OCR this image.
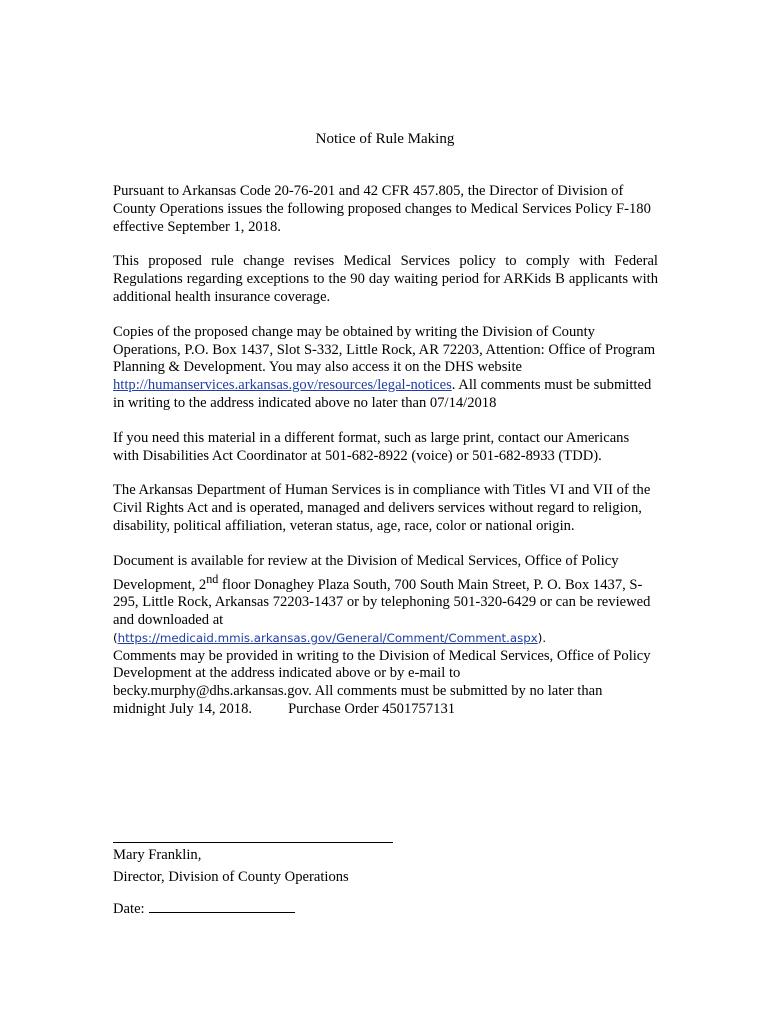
Notice of Rule Making

Pursuant to Arkansas Code 20-76-201 and 42 CFR 457.805, the Director of Division of County Operations issues the following proposed changes to Medical Services Policy F-180 effective September 1, 2018.

This proposed rule change revises Medical Services policy to comply with Federal Regulations regarding exceptions to the 90 day waiting period for ARKids B applicants with additional health insurance coverage.

Copies of the proposed change may be obtained by writing the Division of County Operations, P.O. Box 1437, Slot S-332, Little Rock, AR 72203, Attention: Office of Program Planning & Development. You may also access it on the DHS website http://humanservices.arkansas.gov/resources/legal-notices. All comments must be submitted in writing to the address indicated above no later than 07/14/2018

If you need this material in a different format, such as large print, contact our Americans with Disabilities Act Coordinator at 501-682-8922 (voice) or 501-682-8933 (TDD).

The Arkansas Department of Human Services is in compliance with Titles VI and VII of the Civil Rights Act and is operated, managed and delivers services without regard to religion, disability, political affiliation, veteran status, age, race, color or national origin.

Document is available for review at the Division of Medical Services, Office of Policy Development, 2nd floor Donaghey Plaza South, 700 South Main Street, P. O. Box 1437, S-295, Little Rock, Arkansas 72203-1437 or by telephoning 501-320-6429 or can be reviewed and downloaded at

(https://medicaid.mmis.arkansas.gov/General/Comment/Comment.aspx).

Comments may be provided in writing to the Division of Medical Services, Office of Policy Development at the address indicated above or by e-mail to becky.murphy@dhs.arkansas.gov. All comments must be submitted by no later than midnight July 14, 2018. Purchase Order 4501757131

Mary Franklin,
Director, Division of County Operations
Date:
